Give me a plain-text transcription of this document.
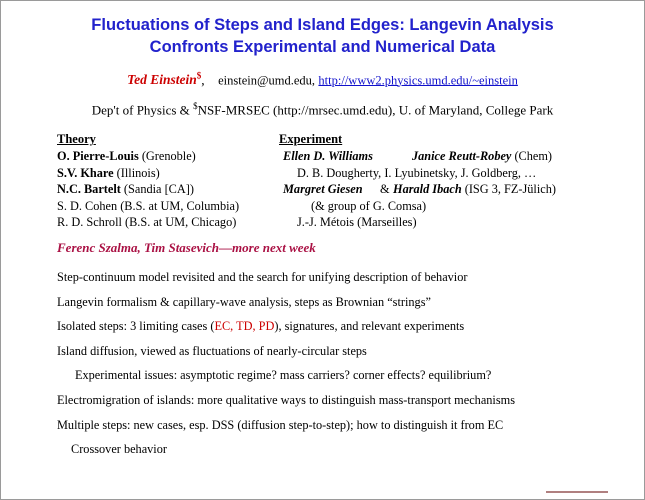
Fluctuations of Steps and Island Edges: Langevin Analysis
Confronts Experimental and Numerical Data
Ted Einstein$, einstein@umd.edu, http://www2.physics.umd.edu/~einstein
Dep't of Physics & $NSF-MRSEC (http://mrsec.umd.edu), U. of Maryland, College Park
Theory	Experiment
O. Pierre-Louis (Grenoble)	Ellen D. Williams	Janice Reutt-Robey (Chem)
S.V. Khare (Illinois)	D. B. Dougherty, I. Lyubinetsky, J. Goldberg, …
N.C. Bartelt (Sandia [CA])	Margret Giesen & Harald Ibach (ISG 3, FZ-Jülich)
S. D. Cohen (B.S. at UM, Columbia)	(& group of G. Comsa)
R. D. Schroll (B.S. at UM, Chicago)	J.-J. Métois (Marseilles)
Ferenc Szalma, Tim Stasevich—more next week
Step-continuum model revisited and the search for unifying description of behavior
Langevin formalism & capillary-wave analysis, steps as Brownian “strings”
Isolated steps: 3 limiting cases (EC, TD, PD), signatures, and relevant experiments
Island diffusion, viewed as fluctuations of nearly-circular steps
Experimental issues: asymptotic regime? mass carriers? corner effects? equilibrium?
Electromigration of islands: more qualitative ways to distinguish mass-transport mechanisms
Multiple steps: new cases, esp. DSS (diffusion step-to-step); how to distinguish it from EC
Crossover behavior
